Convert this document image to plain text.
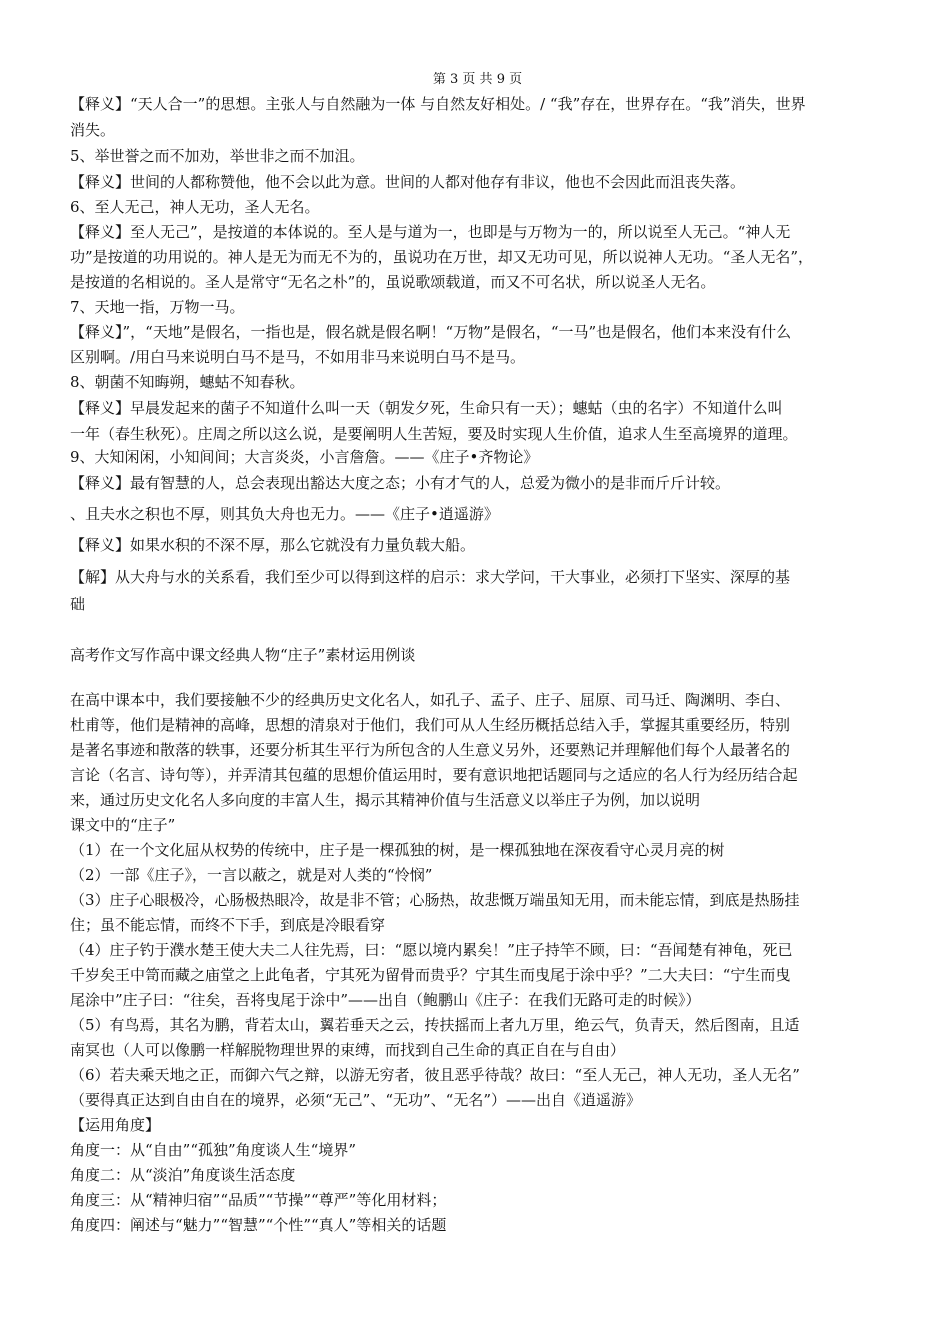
第 3 页 共 9 页
【释义】“天人合一”的思想。主张人与自然融为一体 与自然友好相处。/ “我”存在，世界存在。“我”消失，世界
消失。
5、举世誉之而不加劝，举世非之而不加沮。
【释义】世间的人都称赞他，他不会以此为意。世间的人都对他存有非议，他也不会因此而沮丧失落。
6、至人无己，神人无功，圣人无名。
【释义】至人无己”，是按道的本体说的。至人是与道为一，也即是与万物为一的，所以说至人无己。“神人无
功”是按道的功用说的。神人是无为而无不为的，虽说功在万世，却又无功可见，所以说神人无功。“圣人无名”，
是按道的名相说的。圣人是常守“无名之朴”的，虽说歌颂载道，而又不可名状，所以说圣人无名。
7、天地一指，万物一马。
【释义】”，“天地”是假名，一指也是，假名就是假名啊！“万物”是假名，“一马”也是假名，他们本来没有什么
区别啊。/用白马来说明白马不是马，不如用非马来说明白马不是马。
8、朝菌不知晦朔，蟪蛄不知春秋。
【释义】早晨发起来的菌子不知道什么叫一天（朝发夕死，生命只有一天）；蟪蛄（虫的名字）不知道什么叫
一年（春生秋死）。庄周之所以这么说，是要阐明人生苦短，要及时实现人生价值，追求人生至高境界的道理。
9、大知闲闲，小知间间；大言炎炎，小言詹詹。——《庄子•齐物论》
【释义】最有智慧的人，总会表现出豁达大度之态；小有才气的人，总爱为微小的是非而斤斤计较。
、且夫水之积也不厚，则其负大舟也无力。——《庄子•逍遥游》
【释义】如果水积的不深不厚，那么它就没有力量负载大船。
【解】从大舟与水的关系看，我们至少可以得到这样的启示：求大学问，干大事业，必须打下坚实、深厚的基
础
高考作文写作高中课文经典人物“庄子”素材运用例谈
在高中课本中，我们要接触不少的经典历史文化名人，如孔子、孟子、庄子、屈原、司马迁、陶渊明、李白、
杜甫等，他们是精神的高峰，思想的清泉对于他们，我们可从人生经历概括总结入手，掌握其重要经历，特别
是著名事迹和散落的轶事，还要分析其生平行为所包含的人生意义另外，还要熟记并理解他们每个人最著名的
言论（名言、诗句等），并弄清其包蕴的思想价值运用时，要有意识地把话题同与之适应的名人行为经历结合起
来，通过历史文化名人多向度的丰富人生，揭示其精神价值与生活意义以举庄子为例，加以说明
课文中的“庄子”
（1）在一个文化屈从权势的传统中，庄子是一棵孤独的树，是一棵孤独地在深夜看守心灵月亮的树
（2）一部《庄子》，一言以蔽之，就是对人类的“怜悯”
（3）庄子心眼极冷，心肠极热眼冷，故是非不管；心肠热，故悲慨万端虽知无用，而未能忘情，到底是热肠挂
住；虽不能忘情，而终不下手，到底是冷眼看穿
（4）庄子钓于濮水楚王使大夫二人往先焉，曰：“愿以境内累矣！”庄子持竿不顾，曰：“吾闻楚有神龟，死已
千岁矣王中笥而藏之庙堂之上此龟者，宁其死为留骨而贵乎？宁其生而曳尾于涂中乎？”二大夫曰：“宁生而曳
尾涂中”庄子曰：“往矣，吾将曳尾于涂中”——出自（鲍鹏山《庄子：在我们无路可走的时候》）
（5）有鸟焉，其名为鹏，背若太山，翼若垂天之云，抟扶摇而上者九万里，绝云气，负青天，然后图南，且适
南冥也（人可以像鹏一样解脱物理世界的束缚，而找到自己生命的真正自在与自由）
（6）若夫乘天地之正，而御六气之辩，以游无穷者，彼且恶乎待哉？故曰：“至人无己，神人无功，圣人无名”
（要得真正达到自由自在的境界，必须“无己”、“无功”、“无名”）——出自《逍遥游》
【运用角度】
角度一：从“自由”“孤独”角度谈人生“境界”
角度二：从“淡泊”角度谈生活态度
角度三：从“精神归宿”“品质”“节操”“尊严”等化用材料；
角度四：阐述与“魅力”“智慧”“个性”“真人”等相关的话题
